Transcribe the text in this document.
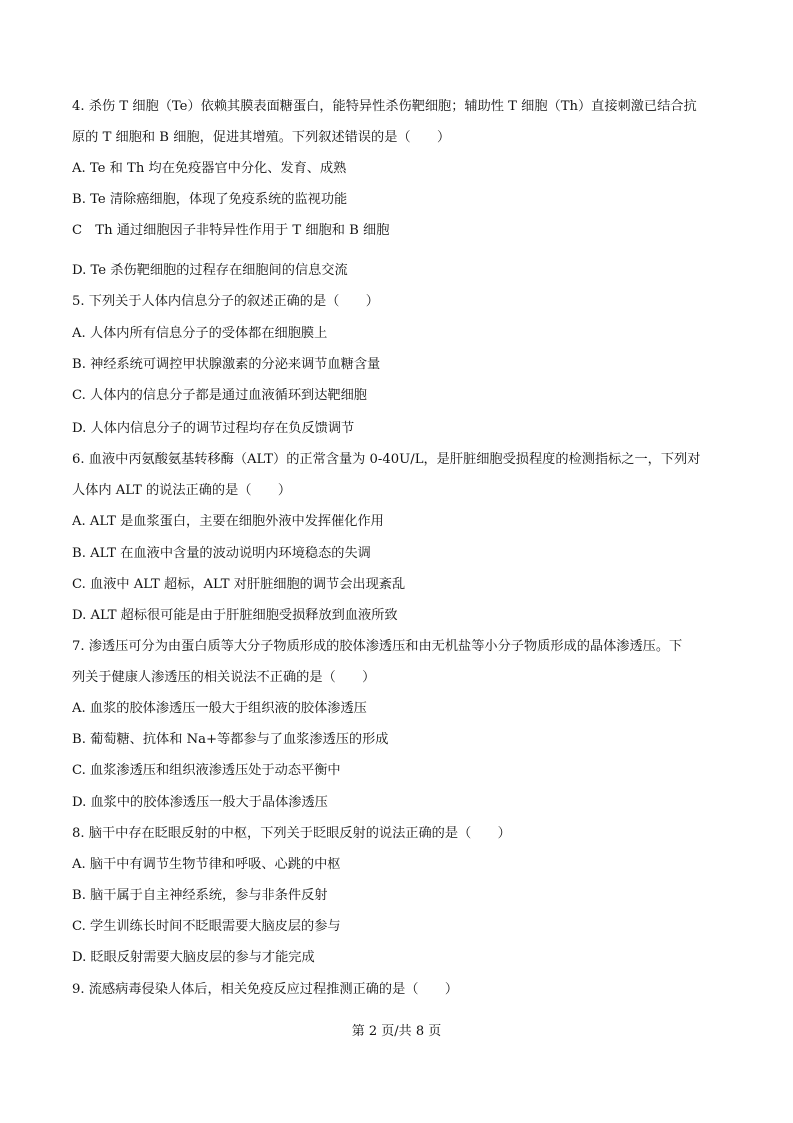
4. 杀伤 T 细胞（Te）依赖其膜表面糖蛋白，能特异性杀伤靶细胞；辅助性 T 细胞（Th）直接刺激已结合抗
原的 T 细胞和 B 细胞，促进其增殖。下列叙述错误的是（　　）
A. Te 和 Th 均在免疫器官中分化、发育、成熟
B. Te 清除癌细胞，体现了免疫系统的监视功能
C　Th 通过细胞因子非特异性作用于 T 细胞和 B 细胞
D. Te 杀伤靶细胞的过程存在细胞间的信息交流
5. 下列关于人体内信息分子的叙述正确的是（　　）
A. 人体内所有信息分子的受体都在细胞膜上
B. 神经系统可调控甲状腺激素的分泌来调节血糖含量
C. 人体内的信息分子都是通过血液循环到达靶细胞
D. 人体内信息分子的调节过程均存在负反馈调节
6. 血液中丙氨酸氨基转移酶（ALT）的正常含量为 0-40U/L，是肝脏细胞受损程度的检测指标之一，下列对
人体内 ALT 的说法正确的是（　　）
A. ALT 是血浆蛋白，主要在细胞外液中发挥催化作用
B. ALT 在血液中含量的波动说明内环境稳态的失调
C. 血液中 ALT 超标，ALT 对肝脏细胞的调节会出现紊乱
D. ALT 超标很可能是由于肝脏细胞受损释放到血液所致
7. 渗透压可分为由蛋白质等大分子物质形成的胶体渗透压和由无机盐等小分子物质形成的晶体渗透压。下
列关于健康人渗透压的相关说法不正确的是（　　）
A. 血浆的胶体渗透压一般大于组织液的胶体渗透压
B. 葡萄糖、抗体和 Na+等都参与了血浆渗透压的形成
C. 血浆渗透压和组织液渗透压处于动态平衡中
D. 血浆中的胶体渗透压一般大于晶体渗透压
8. 脑干中存在眨眼反射的中枢，下列关于眨眼反射的说法正确的是（　　）
A. 脑干中有调节生物节律和呼吸、心跳的中枢
B. 脑干属于自主神经系统，参与非条件反射
C. 学生训练长时间不眨眼需要大脑皮层的参与
D. 眨眼反射需要大脑皮层的参与才能完成
9. 流感病毒侵染人体后，相关免疫反应过程推测正确的是（　　）
第 2 页/共 8 页
